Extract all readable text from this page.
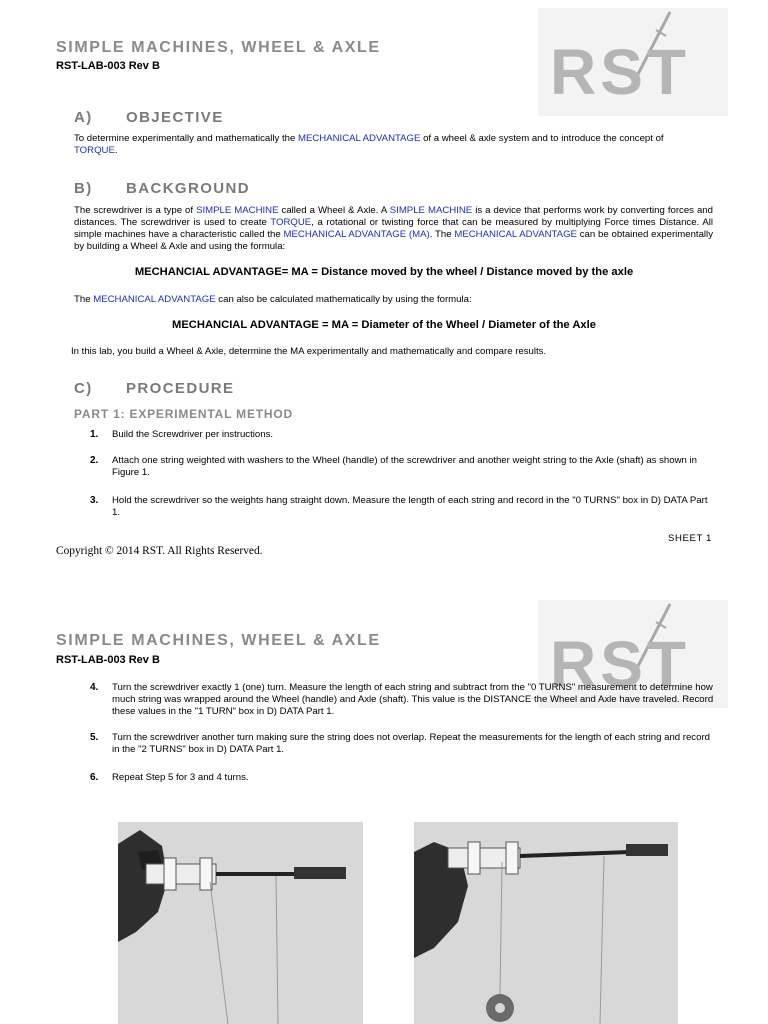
RST
SIMPLE MACHINES, WHEEL & AXLE
RST-LAB-003 Rev B
A) OBJECTIVE
To determine experimentally and mathematically the MECHANICAL ADVANTAGE of a wheel & axle system and to introduce the concept of TORQUE.
B) BACKGROUND
The screwdriver is a type of SIMPLE MACHINE called a Wheel & Axle. A SIMPLE MACHINE is a device that performs work by converting forces and distances. The screwdriver is used to create TORQUE, a rotational or twisting force that can be measured by multiplying Force times Distance. All simple machines have a characteristic called the MECHANICAL ADVANTAGE (MA). The MECHANICAL ADVANTAGE can be obtained experimentally by building a Wheel & Axle and using the formula:
MECHANCIAL ADVANTAGE= MA = Distance moved by the wheel / Distance moved by the axle
The MECHANICAL ADVANTAGE can also be calculated mathematically by using the formula:
MECHANCIAL ADVANTAGE = MA = Diameter of the Wheel / Diameter of the Axle
In this lab, you build a Wheel & Axle, determine the MA experimentally and mathematically and compare results.
C) PROCEDURE
PART 1: EXPERIMENTAL METHOD
1. Build the Screwdriver per instructions.
2. Attach one string weighted with washers to the Wheel (handle) of the screwdriver and another weight string to the Axle (shaft) as shown in Figure 1.
3. Hold the screwdriver so the weights hang straight down. Measure the length of each string and record in the "0 TURNS" box in D) DATA Part 1.
SHEET 1
Copyright © 2014 RST. All Rights Reserved.
RST
SIMPLE MACHINES, WHEEL & AXLE
RST-LAB-003 Rev B
4. Turn the screwdriver exactly 1 (one) turn. Measure the length of each string and subtract from the "0 TURNS" measurement to determine how much string was wrapped around the Wheel (handle) and Axle (shaft). This value is the DISTANCE the Wheel and Axle have traveled. Record these values in the "1 TURN" box in D) DATA Part 1.
5. Turn the screwdriver another turn making sure the string does not overlap. Repeat the measurements for the length of each string and record in the "2 TURNS" box in D) DATA Part 1.
6. Repeat Step 5 for 3 and 4 turns.
